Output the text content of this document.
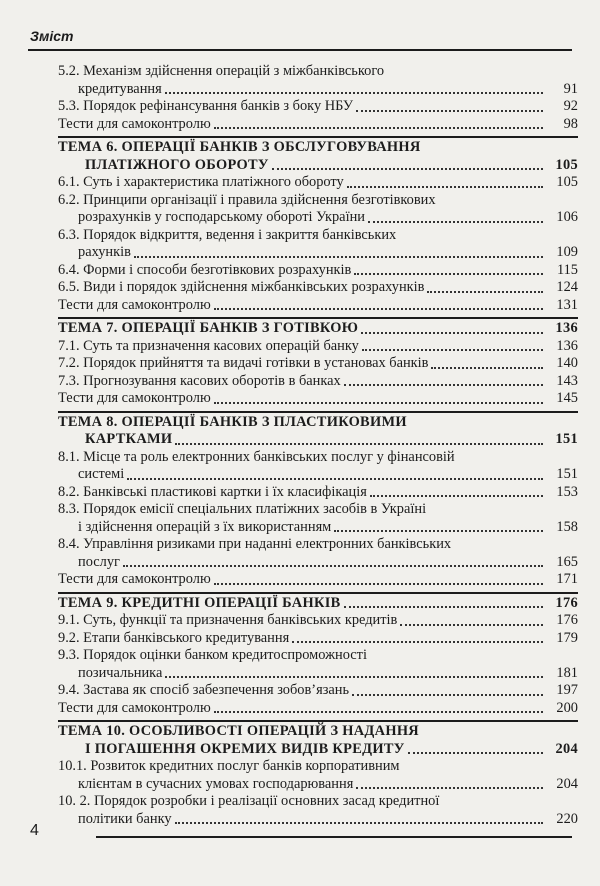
Зміст
5.2. Механізм здійснення операцій з міжбанківського
кредитування	91
5.3. Порядок рефінансування банків з боку НБУ	92
Тести для самоконтролю	98
ТЕМА 6. ОПЕРАЦІЇ БАНКІВ З ОБСЛУГОВУВАННЯ
ПЛАТІЖНОГО ОБОРОТУ	105
6.1. Суть і характеристика платіжного обороту	105
6.2. Принципи організації і правила здійснення безготівкових
розрахунків у господарському обороті України	106
6.3. Порядок відкриття, ведення і закриття банківських
рахунків	109
6.4. Форми і способи безготівкових розрахунків	115
6.5. Види і порядок здійснення міжбанківських розрахунків	124
Тести для самоконтролю	131
ТЕМА 7. ОПЕРАЦІЇ БАНКІВ З ГОТІВКОЮ	136
7.1. Суть та призначення касових операцій банку	136
7.2. Порядок прийняття та видачі готівки в установах банків	140
7.3. Прогнозування касових оборотів в банках	143
Тести для самоконтролю	145
ТЕМА 8. ОПЕРАЦІЇ БАНКІВ З ПЛАСТИКОВИМИ
КАРТКАМИ	151
8.1. Місце та роль електронних банківських послуг у фінансовій
системі	151
8.2. Банківські пластикові картки і їх класифікація	153
8.3. Порядок емісії спеціальних платіжних засобів в Україні
і здійснення операцій з їх використанням	158
8.4. Управління ризиками при наданні електронних банківських
послуг	165
Тести для самоконтролю	171
ТЕМА 9. КРЕДИТНІ ОПЕРАЦІЇ БАНКІВ	176
9.1. Суть, функції та призначення банківських кредитів	176
9.2. Етапи банківського кредитування	179
9.3. Порядок оцінки банком кредитоспроможності
позичальника	181
9.4. Застава як спосіб забезпечення зобов’язань	197
Тести для самоконтролю	200
ТЕМА 10. ОСОБЛИВОСТІ ОПЕРАЦІЙ З НАДАННЯ
І ПОГАШЕННЯ ОКРЕМИХ ВИДІВ КРЕДИТУ	204
10.1. Розвиток кредитних послуг банків корпоративним
клієнтам в сучасних умовах господарювання	204
10. 2. Порядок розробки і реалізації основних засад кредитної
політики банку	220
4
